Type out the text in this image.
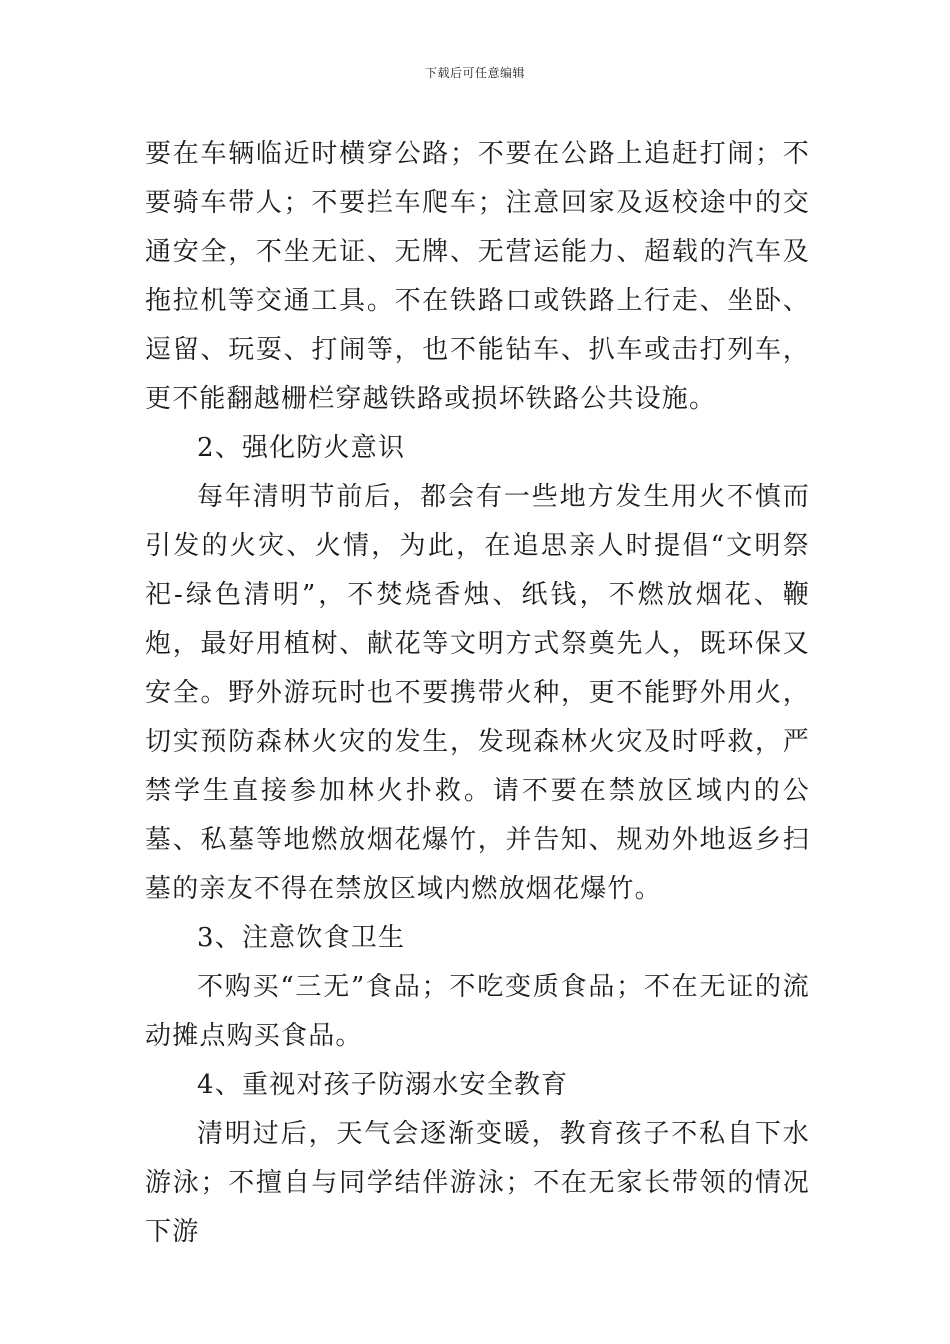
下载后可任意编辑

要在车辆临近时横穿公路；不要在公路上追赶打闹；不要骑车带人；不要拦车爬车；注意回家及返校途中的交通安全，不坐无证、无牌、无营运能力、超载的汽车及拖拉机等交通工具。不在铁路口或铁路上行走、坐卧、逗留、玩耍、打闹等，也不能钻车、扒车或击打列车，更不能翻越栅栏穿越铁路或损坏铁路公共设施。

2、强化防火意识

每年清明节前后，都会有一些地方发生用火不慎而引发的火灾、火情，为此，在追思亲人时提倡“文明祭祀-绿色清明”，不焚烧香烛、纸钱，不燃放烟花、鞭炮，最好用植树、献花等文明方式祭奠先人，既环保又安全。野外游玩时也不要携带火种，更不能野外用火，切实预防森林火灾的发生，发现森林火灾及时呼救，严禁学生直接参加林火扑救。请不要在禁放区域内的公墓、私墓等地燃放烟花爆竹，并告知、规劝外地返乡扫墓的亲友不得在禁放区域内燃放烟花爆竹。

3、注意饮食卫生

不购买“三无”食品；不吃变质食品；不在无证的流动摊点购买食品。

4、重视对孩子防溺水安全教育

清明过后，天气会逐渐变暖，教育孩子不私自下水游泳；不擅自与同学结伴游泳；不在无家长带领的情况下游
